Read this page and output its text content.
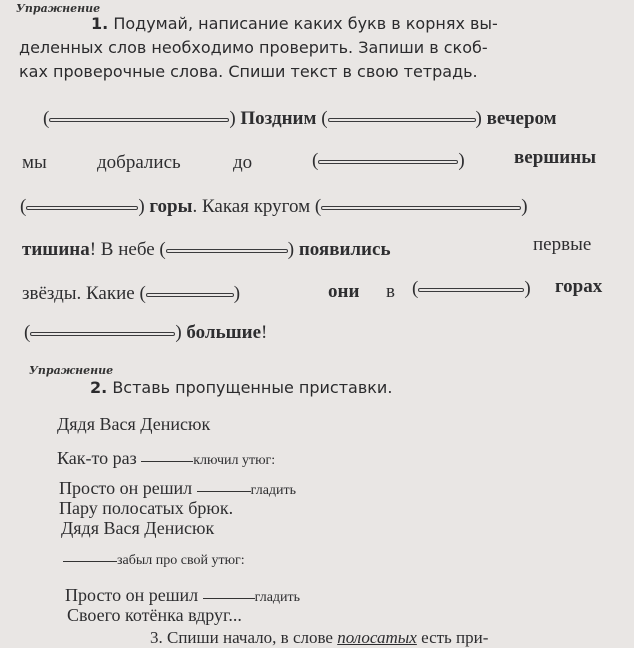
Упражнение
1. Подумай, написание каких букв в корнях вы-
деленных слов необходимо проверить. Запиши в скоб-
ках проверочные слова. Спиши текст в свою тетрадь.
(	) Поздним (	) вечером
мы	добрались	до	(	)	вершины
(	) горы. Какая кругом (	)
тишина! В небе (	) появились	первые
звёзды. Какие (	)	они в (	) горах
(	) большие!
Упражнение
2. Вставь пропущенные приставки.
Дядя Вася Денисюк
Как-то раз	ключил утюг:
Просто он решил	гладить
Пару полосатых брюк.
Дядя Вася Денисюк
забыл про свой утюг:
Просто он решил	гладить
Своего котёнка вдруг...
3. Спиши начало, в слове полосатых есть при-
